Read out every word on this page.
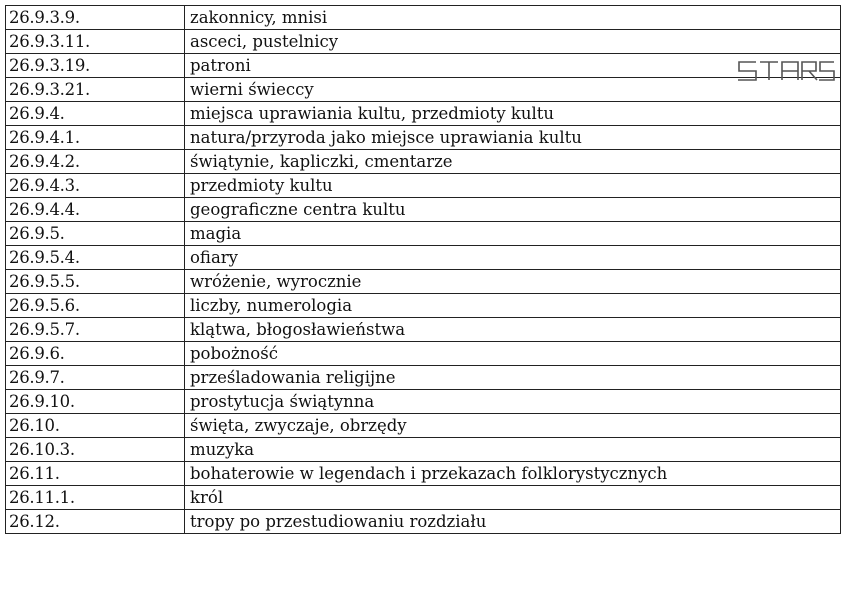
26.9.3.9.	zakonnicy, mnisi
26.9.3.11.	asceci, pustelnicy
26.9.3.19.	patroni
26.9.3.21.	wierni świeccy
26.9.4.	miejsca uprawiania kultu, przedmioty kultu
26.9.4.1.	natura/przyroda jako miejsce uprawiania kultu
26.9.4.2.	świątynie, kapliczki, cmentarze
26.9.4.3.	przedmioty kultu
26.9.4.4.	geograficzne centra kultu
26.9.5.	magia
26.9.5.4.	ofiary
26.9.5.5.	wróżenie, wyrocznie
26.9.5.6.	liczby, numerologia
26.9.5.7.	klątwa, błogosławieństwa
26.9.6.	pobożność
26.9.7.	prześladowania religijne
26.9.10.	prostytucja świątynna
26.10.	święta, zwyczaje, obrzędy
26.10.3.	muzyka
26.11.	bohaterowie w legendach i przekazach folklorystycznych
26.11.1.	król
26.12.	tropy po przestudiowaniu rozdziału
